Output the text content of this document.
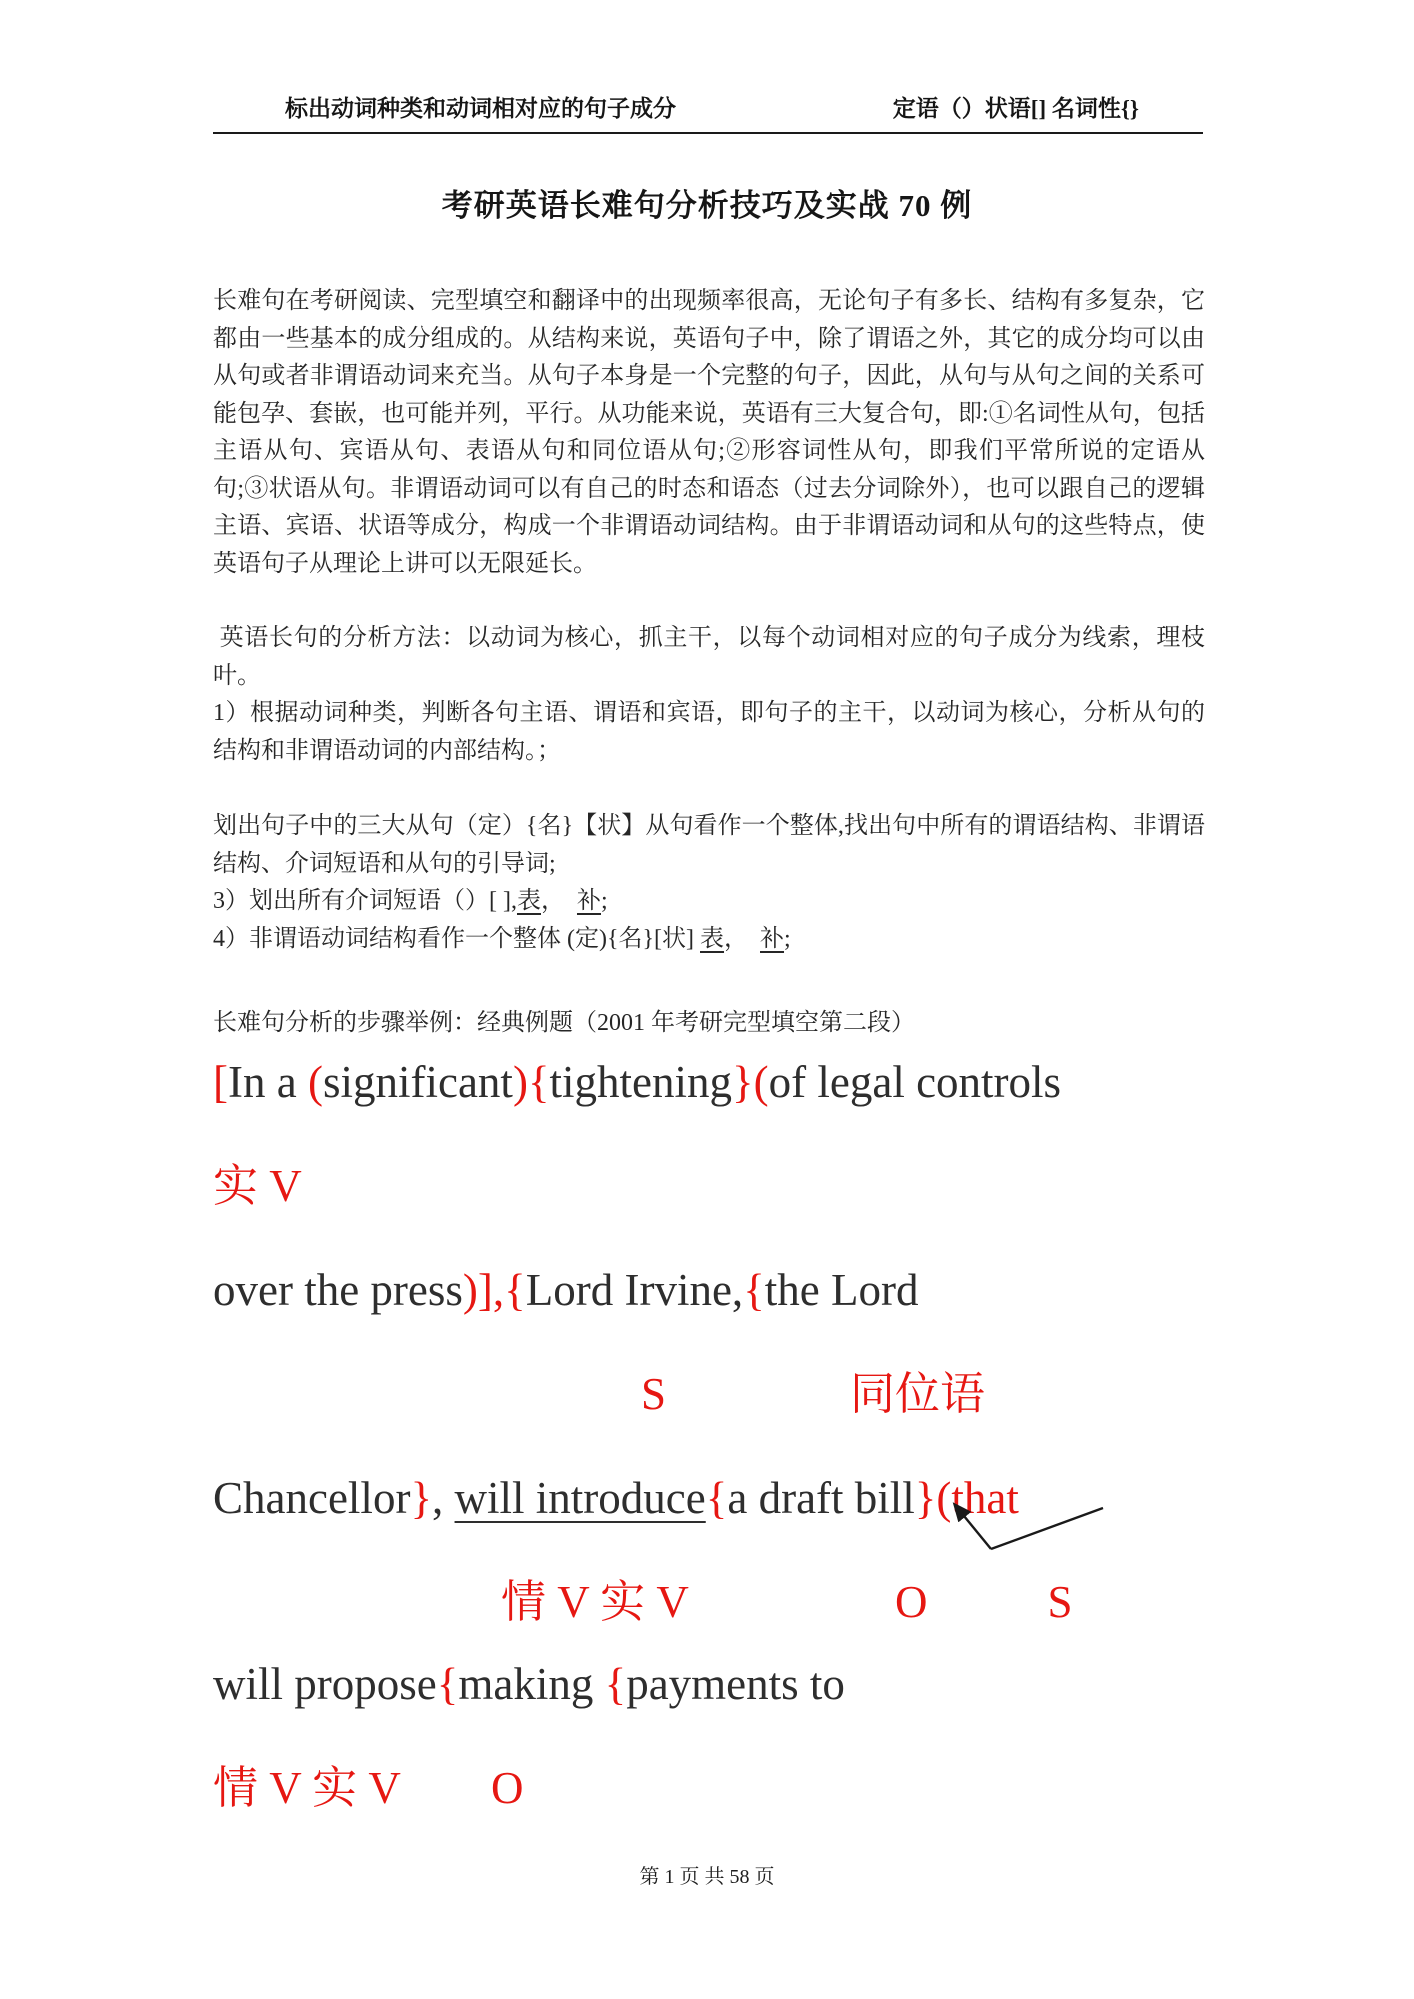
标出动词种类和动词相对应的句子成分	定语（）状语[] 名词性{}
考研英语长难句分析技巧及实战 70 例

长难句在考研阅读、完型填空和翻译中的出现频率很高，无论句子有多长、结构有多复杂，它都由一些基本的成分组成的。从结构来说，英语句子中，除了谓语之外，其它的成分均可以由从句或者非谓语动词来充当。从句子本身是一个完整的句子，因此，从句与从句之间的关系可能包孕、套嵌，也可能并列，平行。从功能来说，英语有三大复合句，即:①名词性从句，包括主语从句、宾语从句、表语从句和同位语从句;②形容词性从句，即我们平常所说的定语从句;③状语从句。非谓语动词可以有自己的时态和语态（过去分词除外），也可以跟自己的逻辑主语、宾语、状语等成分，构成一个非谓语动词结构。由于非谓语动词和从句的这些特点，使英语句子从理论上讲可以无限延长。

英语长句的分析方法：以动词为核心，抓主干，以每个动词相对应的句子成分为线索，理枝叶。

1）根据动词种类，判断各句主语、谓语和宾语，即句子的主干，以动词为核心，分析从句的结构和非谓语动词的内部结构。；

划出句子中的三大从句（定）{名}【状】从句看作一个整体,找出句中所有的谓语结构、非谓语结构、介词短语和从句的引导词;

3）划出所有介词短语（）[ ],表，　补;

4）非谓语动词结构看作一个整体 (定){名}[状] 表，　补;

长难句分析的步骤举例：经典例题（2001 年考研完型填空第二段）

[In a (significant){tightening}(of legal controls
实 V
over the press)],{Lord Irvine,{the Lord
S	同位语
Chancellor}, will introduce{a draft bill}(that
情 V 实 V	O	S
will propose{making {payments to
情 V 实 V O
第 1 页 共 58 页
